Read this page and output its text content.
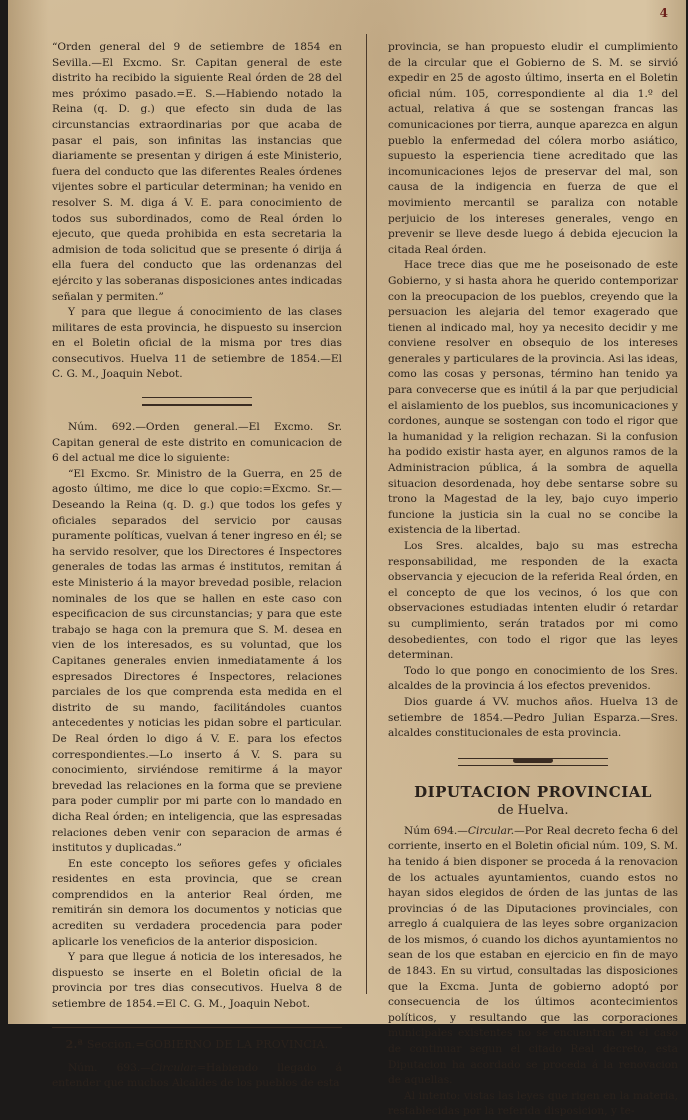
4

“Orden general del 9 de setiembre de 1854 en Sevilla.—El Excmo. Sr. Capitan general de este distrito ha recibido la siguiente Real órden de 28 del mes próximo pasado.=E. S.—Habiendo notado la Reina (q. D. g.) que efecto sin duda de las circunstancias extraordinarias por que acaba de pasar el pais, son infinitas las instancias que diariamente se presentan y dirigen á este Ministerio, fuera del conducto que las diferentes Reales órdenes vijentes sobre el particular determinan; ha venido en resolver S. M. diga á V. E. para conocimiento de todos sus subordinados, como de Real órden lo ejecuto, que queda prohibida en esta secretaria la admision de toda solicitud que se presente ó dirija á ella fuera del conducto que las ordenanzas del ejército y las soberanas disposiciones antes indicadas señalan y permiten.”

Y para que llegue á conocimiento de las clases militares de esta provincia, he dispuesto su insercion en el Boletin oficial de la misma por tres dias consecutivos. Huelva 11 de setiembre de 1854.—El C. G. M., Joaquin Nebot.

Núm. 692.—Orden general.—El Excmo. Sr. Capitan general de este distrito en comunicacion de 6 del actual me dice lo siguiente:

“El Excmo. Sr. Ministro de la Guerra, en 25 de agosto último, me dice lo que copio:=Excmo. Sr.—Deseando la Reina (q. D. g.) que todos los gefes y oficiales separados del servicio por causas puramente políticas, vuelvan á tener ingreso en él; se ha servido resolver, que los Directores é Inspectores generales de todas las armas é institutos, remitan á este Ministerio á la mayor brevedad posible, relacion nominales de los que se hallen en este caso con especificacion de sus circunstancias; y para que este trabajo se haga con la premura que S. M. desea en vien de los interesados, es su voluntad, que los Capitanes generales envien inmediatamente á los espresados Directores é Inspectores, relaciones parciales de los que comprenda esta medida en el distrito de su mando, facilitándoles cuantos antecedentes y noticias les pidan sobre el particular. De Real órden lo digo á V. E. para los efectos correspondientes.—Lo inserto á V. S. para su conocimiento, sirviéndose remitirme á la mayor brevedad las relaciones en la forma que se previene para poder cumplir por mi parte con lo mandado en dicha Real órden; en inteligencia, que las espresadas relaciones deben venir con separacion de armas é institutos y duplicadas.”

En este concepto los señores gefes y oficiales residentes en esta provincia, que se crean comprendidos en la anterior Real órden, me remitirán sin demora los documentos y noticias que acrediten su verdadera procedencia para poder aplicarle los veneficios de la anterior disposicion.

Y para que llegue á noticia de los interesados, he dispuesto se inserte en el Boletin oficial de la provincia por tres dias consecutivos. Huelva 8 de setiembre de 1854.=El C. G. M., Joaquin Nebot.

2.ª Seccion.=GOBIERNO DE LA PROVINCIA.

Núm. 693.—Circular.=Habiendo llegado á entender que muchos Alcaldes de los pueblos de esta

provincia, se han propuesto eludir el cumplimiento de la circular que el Gobierno de S. M. se sirvió expedir en 25 de agosto último, inserta en el Boletin oficial núm. 105, correspondiente al dia 1.º del actual, relativa á que se sostengan francas las comunicaciones por tierra, aunque aparezca en algun pueblo la enfermedad del cólera morbo asiático, supuesto la esperiencia tiene acreditado que las incomunicaciones lejos de preservar del mal, son causa de la indigencia en fuerza de que el movimiento mercantil se paraliza con notable perjuicio de los intereses generales, vengo en prevenir se lleve desde luego á debida ejecucion la citada Real órden.

Hace trece dias que me he poseisonado de este Gobierno, y si hasta ahora he querido contemporizar con la preocupacion de los pueblos, creyendo que la persuacion les alejaria del temor exagerado que tienen al indicado mal, hoy ya necesito decidir y me conviene resolver en obsequio de los intereses generales y particulares de la provincia. Asi las ideas, como las cosas y personas, término han tenido ya para convecerse que es inútil á la par que perjudicial el aislamiento de los pueblos, sus incomunicaciones y cordones, aunque se sostengan con todo el rigor que la humanidad y la religion rechazan. Si la confusion ha podido existir hasta ayer, en algunos ramos de la Administracion pública, á la sombra de aquella situacion desordenada, hoy debe sentarse sobre su trono la Magestad de la ley, bajo cuyo imperio funcione la justicia sin la cual no se concibe la existencia de la libertad.

Los Sres. alcaldes, bajo su mas estrecha responsabilidad, me responden de la exacta observancia y ejecucion de la referida Real órden, en el concepto de que los vecinos, ó los que con observaciones estudiadas intenten eludir ó retardar su cumplimiento, serán tratados por mi como desobedientes, con todo el rigor que las leyes determinan.

Todo lo que pongo en conocimiento de los Sres. alcaldes de la provincia á los efectos prevenidos.

Dios guarde á VV. muchos años. Huelva 13 de setiembre de 1854.—Pedro Julian Esparza.—Sres. alcaldes constitucionales de esta provincia.

DIPUTACION PROVINCIAL
de Huelva.

Núm 694.—Circular.—Por Real decreto fecha 6 del corriente, inserto en el Boletin oficial núm. 109, S. M. ha tenido á bien disponer se proceda á la renovacion de los actuales ayuntamientos, cuando estos no hayan sidos elegidos de órden de las juntas de las provincias ó de las Diputaciones provinciales, con arreglo á cualquiera de las leyes sobre organizacion de los mismos, ó cuando los dichos ayuntamientos no sean de los que estaban en ejercicio en fin de mayo de 1843. En su virtud, consultadas las disposiciones que la Excma. Junta de gobierno adoptó por consecuencia de los últimos acontecimientos políticos, y resultando que las corporaciones municipales existentes no se encuentran en el caso de continuar segun el citado Real decreto, esta Diputacion ha acordado se proceda á la renovacion de aquellas.

Al intento: vistas las leyes que rigen en la materia, restablecidas por la referida disposicion, y te-
